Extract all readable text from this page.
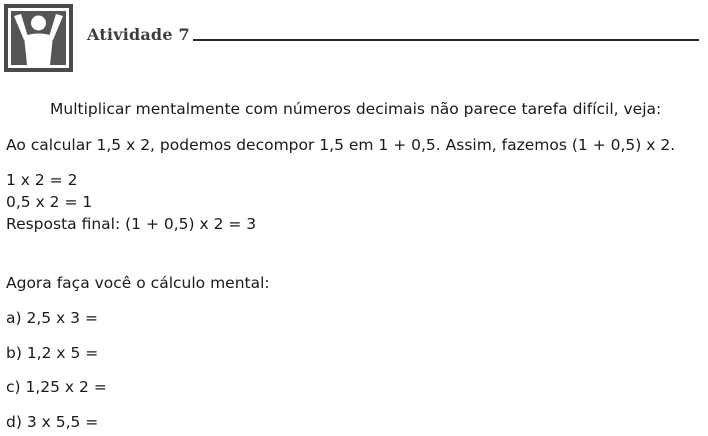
Atividade 7
Multiplicar mentalmente com números decimais não parece tarefa difícil, veja:
Ao calcular 1,5 x 2, podemos decompor 1,5 em 1 + 0,5. Assim, fazemos (1 + 0,5) x 2.
1 x 2 = 2
0,5 x 2 = 1
Resposta final: (1 + 0,5) x 2 = 3
Agora faça você o cálculo mental:
a) 2,5 x 3 =
b) 1,2 x 5 =
c) 1,25 x 2 =
d) 3 x 5,5 =
